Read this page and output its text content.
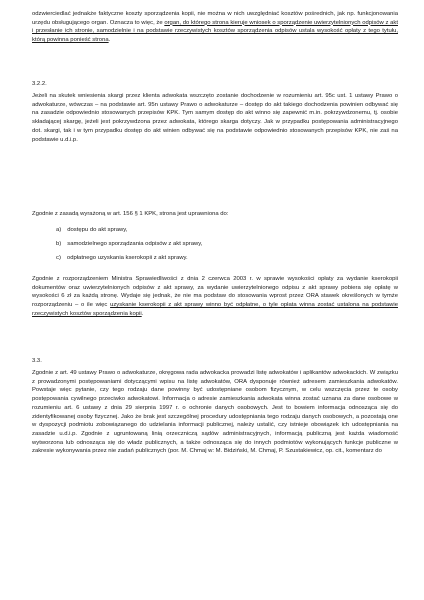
odzwierciedlać jednakże faktyczne koszty sporządzenia kopii, nie można w nich uwzględniać kosztów pośrednich, jak np. funkcjonowania urzędu obsługującego organ. Oznacza to więc, że organ, do którego strona kieruje wniosek o sporządzenie uwierzytelnionych odpisów z akt i przesłanie ich stronie, samodzielnie i na podstawie rzeczywistych kosztów sporządzenia odpisów ustala wysokość opłaty z tego tytułu, którą powinna ponieść strona.

3.2.2.

Jeżeli na skutek wniesienia skargi przez klienta adwokata wszczęto zostanie dochodzenie w rozumieniu art. 95c ust. 1 ustawy Prawo o adwokaturze, wówczas – na podstawie art. 95n ustawy Prawo o adwokaturze – dostęp do akt takiego dochodzenia powinien odbywać się na zasadzie odpowiednio stosowanych przepisów KPK. Tym samym dostęp do akt winno się zapewnić m.in. pokrzywdzonemu, tj. osobie składającej skargę, jeżeli jest pokrzywdzona przez adwokata, którego skarga dotyczy. Jak w przypadku postępowania administracyjnego dot. skargi, tak i w tym przypadku dostęp do akt winien odbywać się na podstawie odpowiednio stosowanych przepisów KPK, nie zaś na podstawie u.d.i.p.

Zgodnie z zasadą wyrażoną w art. 156 § 1 KPK, strona jest uprawniona do:

a) dostępu do akt sprawy,

b) samodzielnego sporządzania odpisów z akt sprawy,

c) odpłatnego uzyskania kserokopii z akt sprawy.

Zgodnie z rozporządzeniem Ministra Sprawiedliwości z dnia 2 czerwca 2003 r. w sprawie wysokości opłaty za wydanie kserokopii dokumentów oraz uwierzytelnionych odpisów z akt sprawy, za wydanie uwierzytelnionego odpisu z akt sprawy pobiera się opłatę w wysokości 6 zł za każdą stronę. Wydaje się jednak, że nie ma podstaw do stosowania wprost przez ORA stawek określonych w tymże rozporządzeniu – o ile więc uzyskanie kserokopii z akt sprawy winno być odpłatne, o tyle opłata winna zostać ustalona na podstawie rzeczywistych kosztów sporządzenia kopii.

3.3.

Zgodnie z art. 49 ustawy Prawo o adwokaturze, okręgowa rada adwokacka prowadzi listę adwokatów i aplikantów adwokackich. W związku z prowadzonymi postępowaniami dotyczącymi wpisu na listę adwokatów, ORA dysponuje również adresem zamieszkania adwokatów. Powstaje więc pytanie, czy tego rodzaju dane powinny być udostępniane osobom fizycznym, w celu wszczęcia przez te osoby postępowania cywilnego przeciwko adwokatowi. Informacja o adresie zamieszkania adwokata winna zostać uznana za dane osobowe w rozumieniu art. 6 ustawy z dnia 29 sierpnia 1997 r. o ochronie danych osobowych. Jest to bowiem informacja odnosząca się do zidentyfikowanej osoby fizycznej. Jako że brak jest szczególnej procedury udostępniania tego rodzaju danych osobowych, a pozostają one w dyspozycji podmiotu zobowiązanego do udzielania informacji publicznej, należy ustalić, czy istnieje obowiązek ich udostępniania na zasadzie u.d.i.p. Zgodnie z ugruntowaną linią orzeczniczą sądów administracyjnych, informacją publiczną jest każda wiadomość wytworzona lub odnosząca się do władz publicznych, a także odnosząca się do innych podmiotów wykonujących funkcje publiczne w zakresie wykonywania przez nie zadań publicznych (por. M. Chmaj w: M. Bidziński, M. Chmaj, P. Szustakiewicz, op. cit., komentarz do
